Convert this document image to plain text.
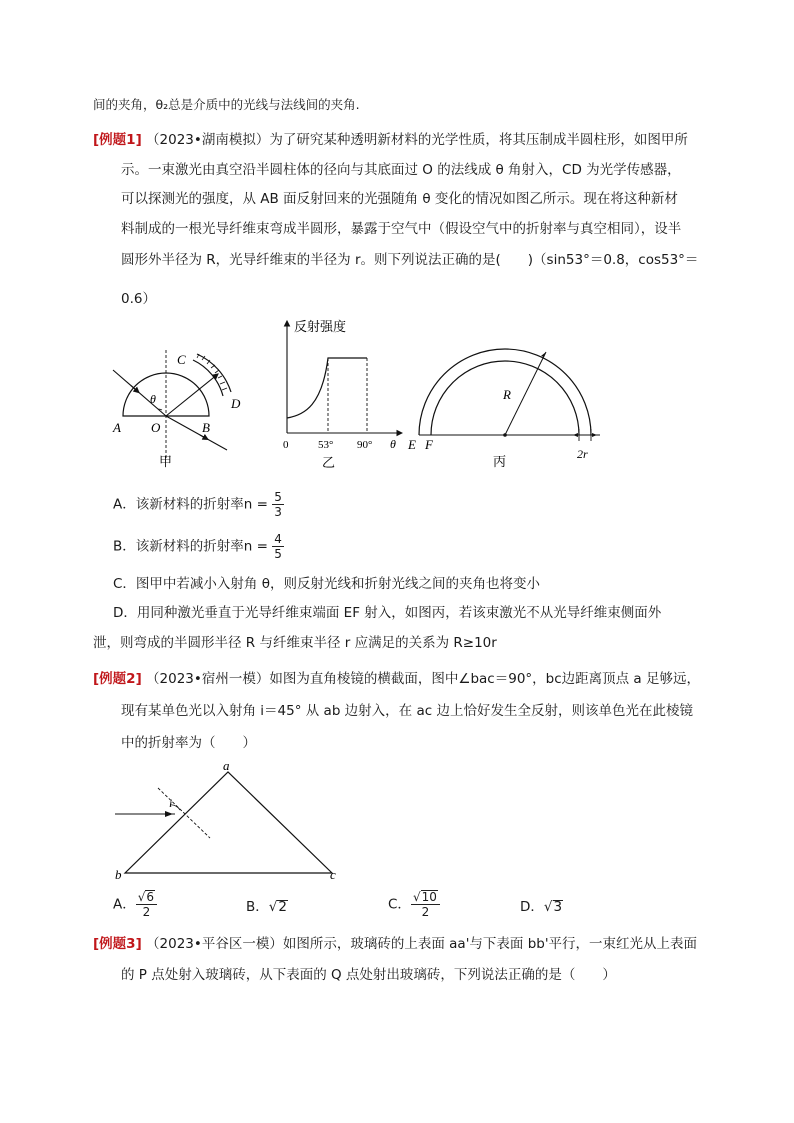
间的夹角，θ₂总是介质中的光线与法线间的夹角.
[例题1] （2023•湖南模拟）为了研究某种透明新材料的光学性质，将其压制成半圆柱形，如图甲所
示。一束激光由真空沿半圆柱体的径向与其底面过 O 的法线成 θ 角射入，CD 为光学传感器，
可以探测光的强度，从 AB 面反射回来的光强随角 θ 变化的情况如图乙所示。现在将这种新材
料制成的一根光导纤维束弯成半圆形，暴露于空气中（假设空气中的折射率与真空相同），设半
圆形外半径为 R，光导纤维束的半径为 r。则下列说法正确的是(　　)（sin53°＝0.8，cos53°＝
0.6）
θ
A O	B
C
D
甲
反射强度
0	53° 90° θ
乙
R
E F
2r
丙
A．该新材料的折射率$n = \frac{5}{3}$
B．该新材料的折射率$n = \frac{4}{5}$
C．图甲中若减小入射角 θ，则反射光线和折射光线之间的夹角也将变小
D．用同种激光垂直于光导纤维束端面 EF 射入，如图丙，若该束激光不从光导纤维束侧面外
泄，则弯成的半圆形半径 R 与纤维束半径 r 应满足的关系为 R≥10r
[例题2] （2023•宿州一模）如图为直角棱镜的横截面，图中∠bac＝90°，bc边距离顶点 a 足够远，
现有某单色光以入射角 i＝45° 从 ab 边射入，在 ac 边上恰好发生全反射，则该单色光在此棱镜
中的折射率为（　　）
i
a
b	c
A． $\frac{√6}{2}$	B．√2	C． $\frac{√10}{2}$	D．√3
[例题3] （2023•平谷区一模）如图所示，玻璃砖的上表面 aa'与下表面 bb'平行，一束红光从上表面
的 P 点处射入玻璃砖，从下表面的 Q 点处射出玻璃砖，下列说法正确的是（　　）
